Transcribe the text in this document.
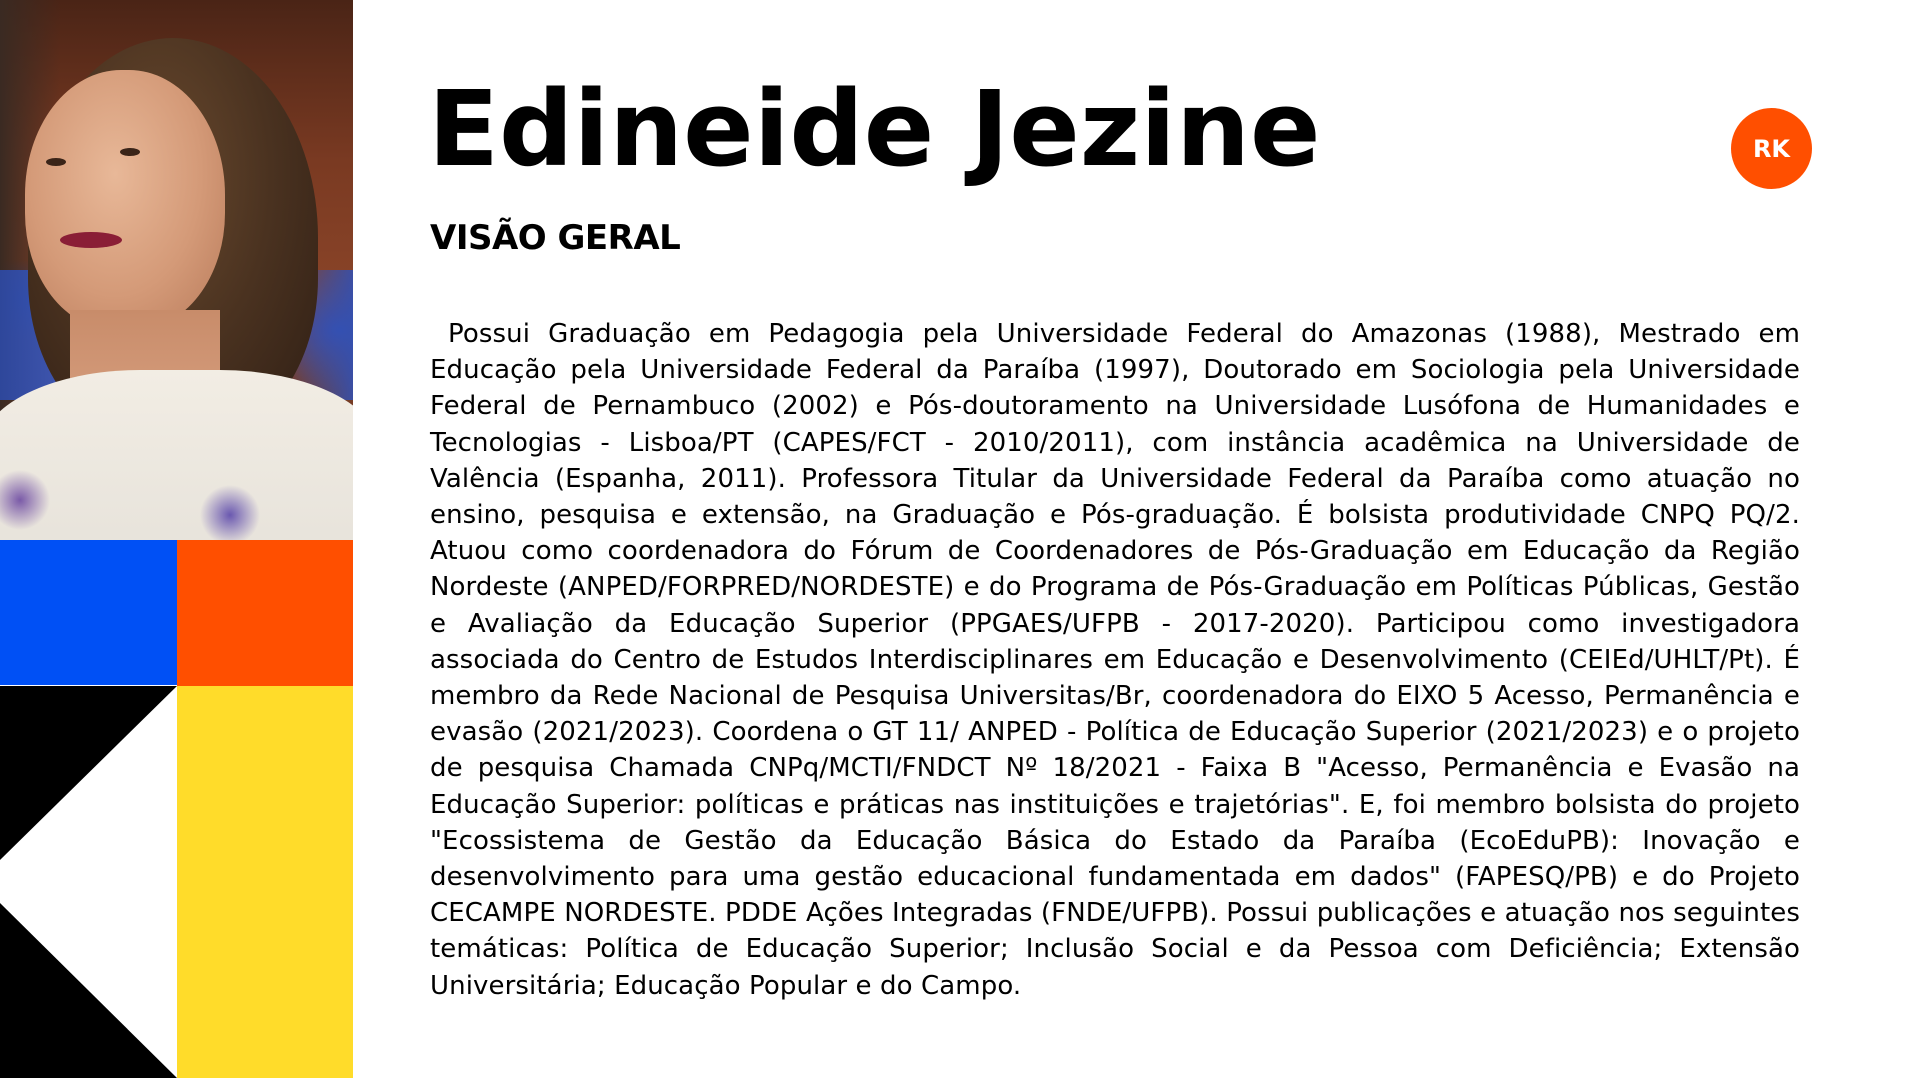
Edineide Jezine
VISÃO GERAL
RK

Possui Graduação em Pedagogia pela Universidade Federal do Amazonas (1988), Mestrado em Educação pela Universidade Federal da Paraíba (1997), Doutorado em Sociologia pela Universidade Federal de Pernambuco (2002) e Pós-doutoramento na Universidade Lusófona de Humanidades e Tecnologias - Lisboa/PT (CAPES/FCT - 2010/2011), com instância acadêmica na Universidade de Valência (Espanha, 2011). Professora Titular da Universidade Federal da Paraíba como atuação no ensino, pesquisa e extensão, na Graduação e Pós-graduação. É bolsista produtividade CNPQ PQ/2. Atuou como coordenadora do Fórum de Coordenadores de Pós-Graduação em Educação da Região Nordeste (ANPED/FORPRED/NORDESTE) e do Programa de Pós-Graduação em Políticas Públicas, Gestão e Avaliação da Educação Superior (PPGAES/UFPB - 2017-2020). Participou como investigadora associada do Centro de Estudos Interdisciplinares em Educação e Desenvolvimento (CEIEd/UHLT/Pt). É membro da Rede Nacional de Pesquisa Universitas/Br, coordenadora do EIXO 5 Acesso, Permanência e evasão (2021/2023). Coordena o GT 11/ ANPED - Política de Educação Superior (2021/2023) e o projeto de pesquisa Chamada CNPq/MCTI/FNDCT Nº 18/2021 - Faixa B "Acesso, Permanência e Evasão na Educação Superior: políticas e práticas nas instituições e trajetórias". E, foi membro bolsista do projeto "Ecossistema de Gestão da Educação Básica do Estado da Paraíba (EcoEduPB): Inovação e desenvolvimento para uma gestão educacional fundamentada em dados" (FAPESQ/PB) e do Projeto CECAMPE NORDESTE. PDDE Ações Integradas (FNDE/UFPB). Possui publicações e atuação nos seguintes temáticas: Política de Educação Superior; Inclusão Social e da Pessoa com Deficiência; Extensão Universitária; Educação Popular e do Campo.
